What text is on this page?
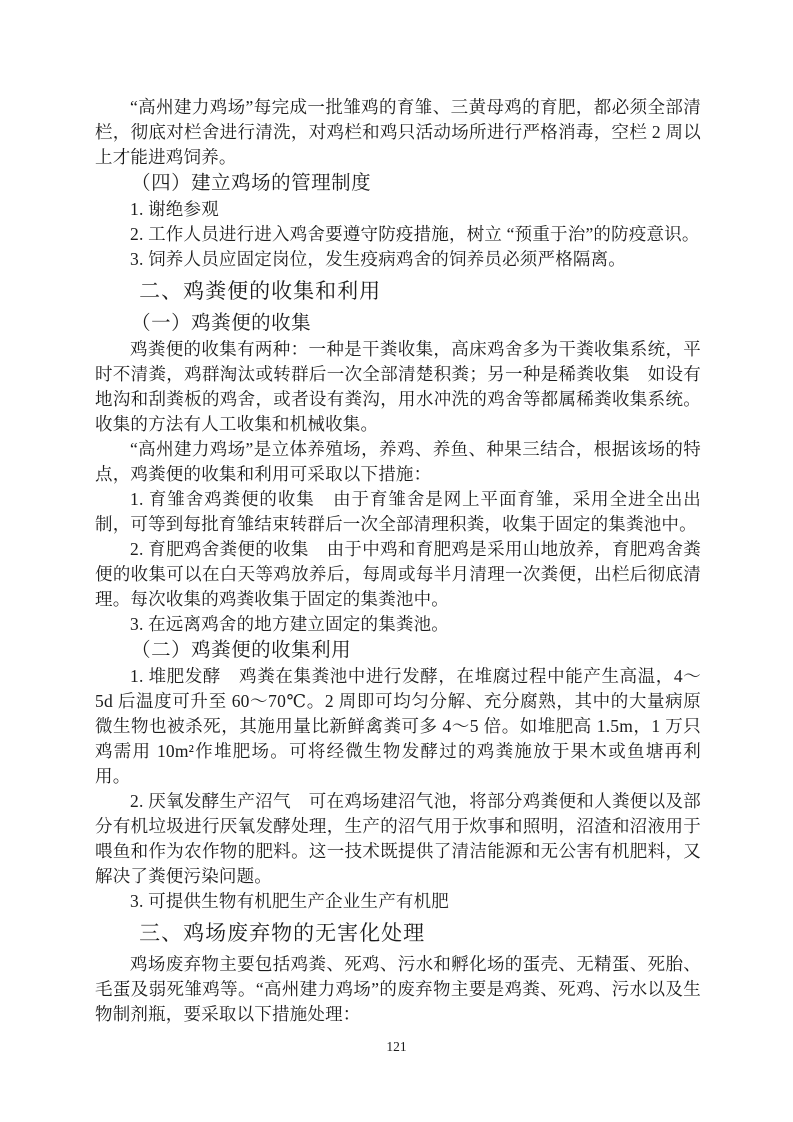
“高州建力鸡场”每完成一批雏鸡的育雏、三黄母鸡的育肥，都必须全部清栏，彻底对栏舍进行清洗，对鸡栏和鸡只活动场所进行严格消毒，空栏 2 周以上才能进鸡饲养。

（四）建立鸡场的管理制度

1. 谢绝参观

2. 工作人员进行进入鸡舍要遵守防疫措施，树立 “预重于治”的防疫意识。

3. 饲养人员应固定岗位，发生疫病鸡舍的饲养员必须严格隔离。

二、鸡粪便的收集和利用

（一）鸡粪便的收集

鸡粪便的收集有两种：一种是干粪收集，高床鸡舍多为干粪收集系统，平时不清粪，鸡群淘汰或转群后一次全部清楚积粪；另一种是稀粪收集　如设有地沟和刮粪板的鸡舍，或者设有粪沟，用水冲洗的鸡舍等都属稀粪收集系统。收集的方法有人工收集和机械收集。

“高州建力鸡场”是立体养殖场，养鸡、养鱼、种果三结合，根据该场的特点，鸡粪便的收集和利用可采取以下措施：

1. 育雏舍鸡粪便的收集　由于育雏舍是网上平面育雏，采用全进全出出制，可等到每批育雏结束转群后一次全部清理积粪，收集于固定的集粪池中。

2. 育肥鸡舍粪便的收集　由于中鸡和育肥鸡是采用山地放养，育肥鸡舍粪便的收集可以在白天等鸡放养后，每周或每半月清理一次粪便，出栏后彻底清理。每次收集的鸡粪收集于固定的集粪池中。

3. 在远离鸡舍的地方建立固定的集粪池。

（二）鸡粪便的收集利用

1. 堆肥发酵　鸡粪在集粪池中进行发酵，在堆腐过程中能产生高温，4～5d 后温度可升至 60～70℃。2 周即可均匀分解、充分腐熟，其中的大量病原微生物也被杀死，其施用量比新鲜禽粪可多 4～5 倍。如堆肥高 1.5m，1 万只鸡需用 10m²作堆肥场。可将经微生物发酵过的鸡粪施放于果木或鱼塘再利用。

2. 厌氧发酵生产沼气　可在鸡场建沼气池，将部分鸡粪便和人粪便以及部分有机垃圾进行厌氧发酵处理，生产的沼气用于炊事和照明，沼渣和沼液用于喂鱼和作为农作物的肥料。这一技术既提供了清洁能源和无公害有机肥料，又解决了粪便污染问题。

3. 可提供生物有机肥生产企业生产有机肥

三、鸡场废弃物的无害化处理

鸡场废弃物主要包括鸡粪、死鸡、污水和孵化场的蛋壳、无精蛋、死胎、毛蛋及弱死雏鸡等。“高州建力鸡场”的废弃物主要是鸡粪、死鸡、污水以及生物制剂瓶，要采取以下措施处理：

121
